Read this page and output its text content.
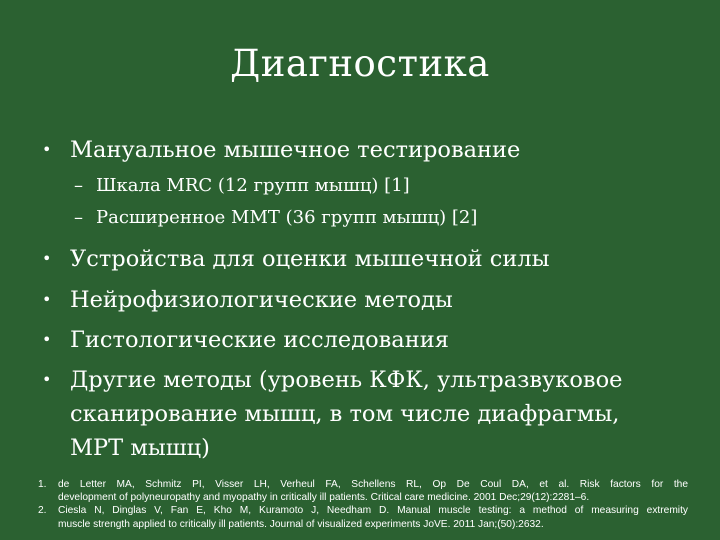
Диагностика
• Мануальное мышечное тестирование
– Шкала MRC (12 групп мышц) [1]
– Расширенное ММТ (36 групп мышц) [2]
• Устройства для оценки мышечной силы
• Нейрофизиологические методы
• Гистологические исследования
• Другие методы (уровень КФК, ультразвуковое
сканирование мышц, в том числе диафрагмы,
МРТ мышц)
1. de Letter MA, Schmitz PI, Visser LH, Verheul FA, Schellens RL, Op De Coul DA, et al. Risk factors for the
development of polyneuropathy and myopathy in critically ill patients. Critical care medicine. 2001 Dec;29(12):2281–6.
2. Ciesla N, Dinglas V, Fan E, Kho M, Kuramoto J, Needham D. Manual muscle testing: a method of measuring extremity
muscle strength applied to critically ill patients. Journal of visualized experiments JoVE. 2011 Jan;(50):2632.
